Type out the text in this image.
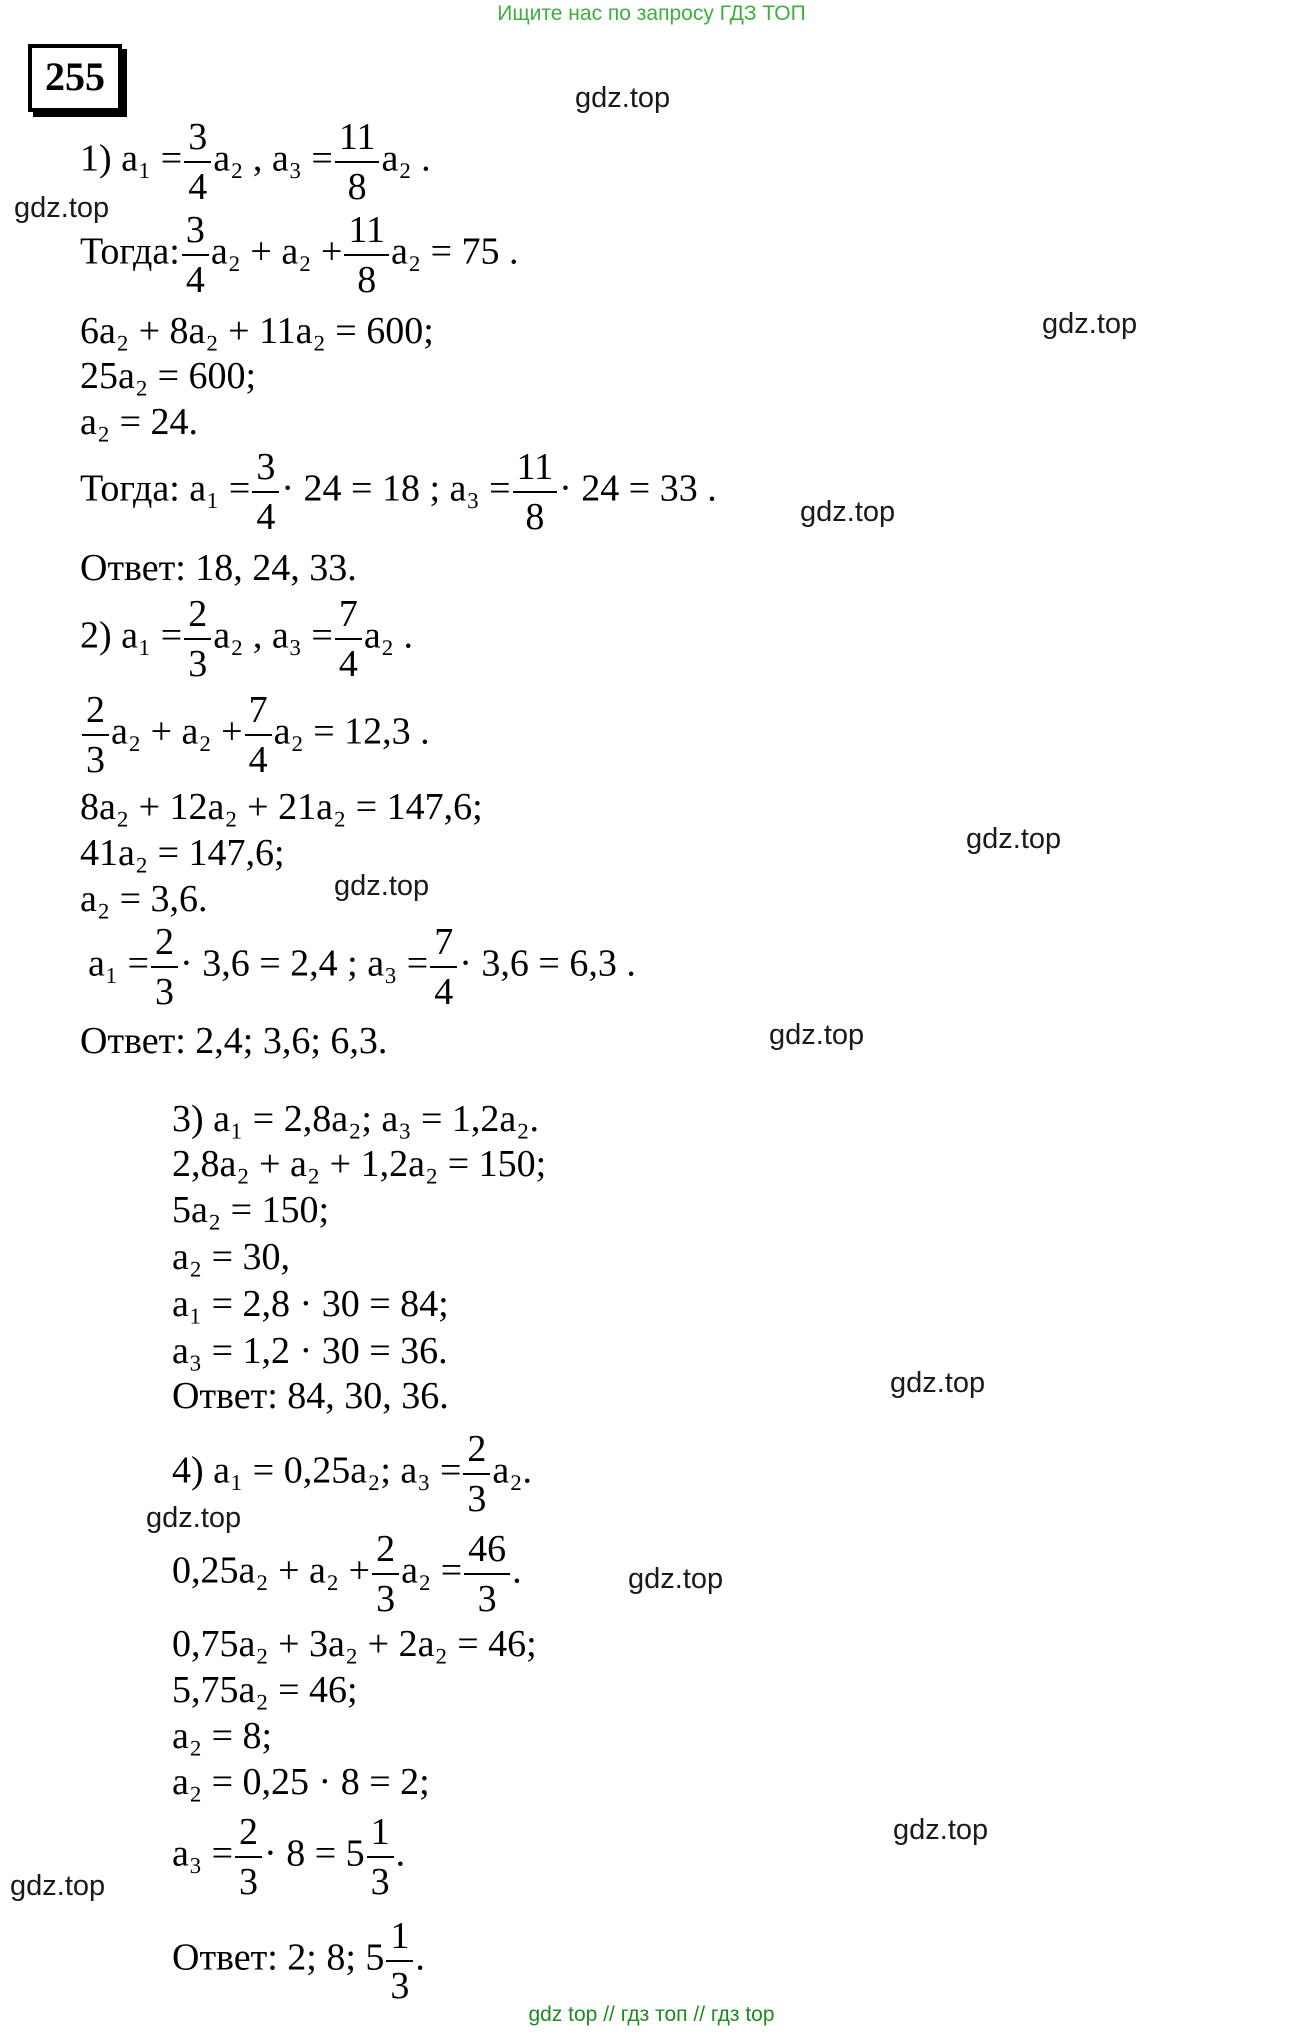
Ищите нас по запросу ГДЗ ТОП
255	gdz.top
gdz.top
gdz.top
gdz.top
gdz.top
gdz.top
gdz.top
gdz.top
gdz.top
gdz.top
gdz.top
gdz.top
1) $a_1 = \frac{3}{4} a_2$ , $a_3 = \frac{11}{8} a_2$ .
Тогда: $\frac{3}{4} a_2 + a_2 + \frac{11}{8} a_2 = 75$ .
6a₂ + 8a₂ + 11a₂ = 600;
25a₂ = 600;
a₂ = 24.
Тогда: $a_1 = \frac{3}{4} \cdot 24 = 18$ ; $a_3 = \frac{11}{8} \cdot 24 = 33$ .
Ответ: 18, 24, 33.
2) $a_1 = \frac{2}{3} a_2$ , $a_3 = \frac{7}{4} a_2$ .
$\frac{2}{3} a_2 + a_2 + \frac{7}{4} a_2 = 12,3$ .
8a₂ + 12a₂ + 21a₂ = 147,6;
41a₂ = 147,6;
a₂ = 3,6.
$a_1 = \frac{2}{3} \cdot 3,6 = 2,4$ ; $a_3 = \frac{7}{4} \cdot 3,6 = 6,3$ .
Ответ: 2,4; 3,6; 6,3.
3) a₁ = 2,8a₂; a₃ = 1,2a₂.
2,8a₂ + a₂ + 1,2a₂ = 150;
5a₂ = 150;
a₂ = 30,
a₁ = 2,8 · 30 = 84;
a₃ = 1,2 · 30 = 36.
Ответ: 84, 30, 36.
4) a₁ = 0,25a₂; $a_3 = \frac{2}{3} a_2$.
$0,25a_2 + a_2 + \frac{2}{3} a_2 = \frac{46}{3}$ .
0,75a₂ + 3a₂ + 2a₂ = 46;
5,75a₂ = 46;
a₂ = 8;
a₂ = 0,25 · 8 = 2;
$a_3 = \frac{2}{3} \cdot 8 = 5 \frac{1}{3}$ .
Ответ: 2; 8; $5 \frac{1}{3}$ .
gdz top // гдз топ // гдз top
